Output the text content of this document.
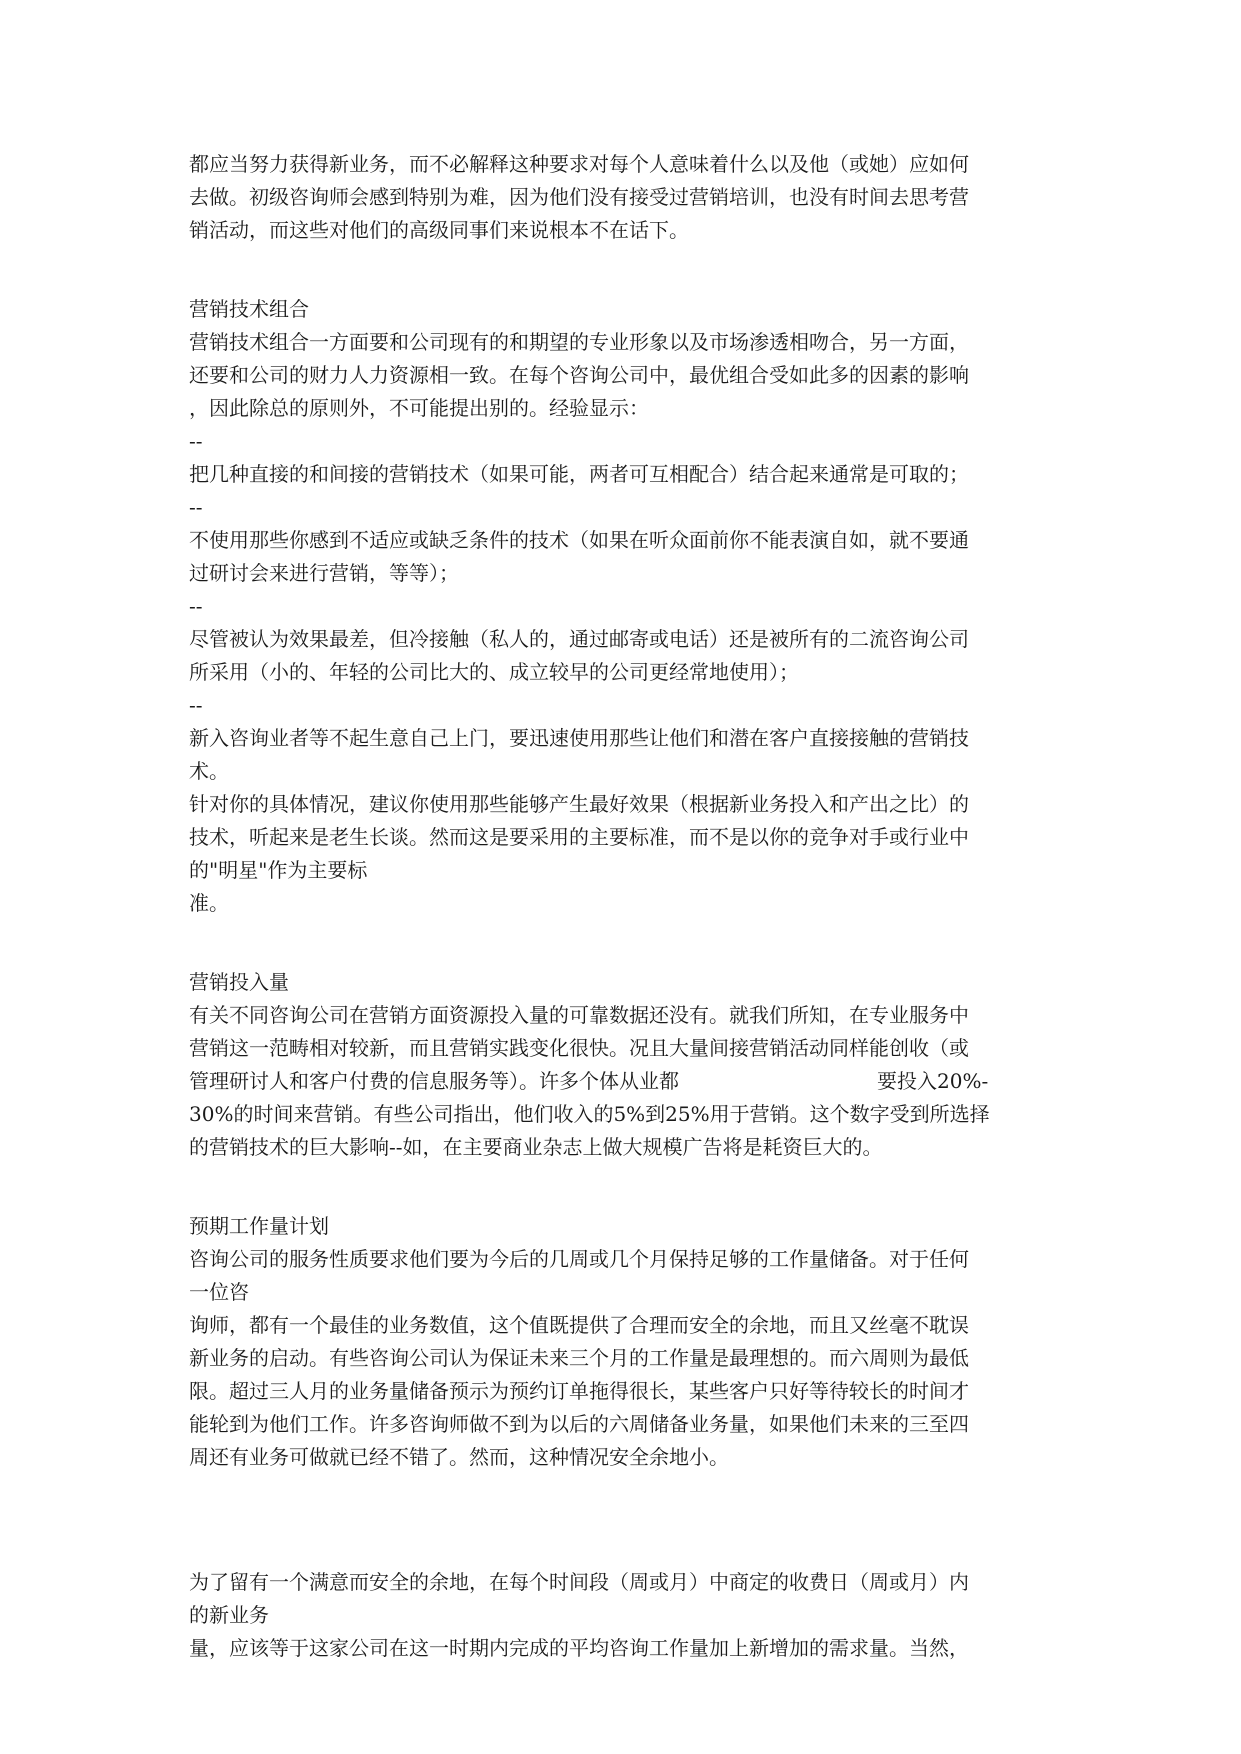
都应当努力获得新业务，而不必解释这种要求对每个人意味着什么以及他（或她）应如何
去做。初级咨询师会感到特别为难，因为他们没有接受过营销培训，也没有时间去思考营
销活动，而这些对他们的高级同事们来说根本不在话下。
营销技术组合
营销技术组合一方面要和公司现有的和期望的专业形象以及市场渗透相吻合，另一方面，
还要和公司的财力人力资源相一致。在每个咨询公司中，最优组合受如此多的因素的影响
，因此除总的原则外，不可能提出别的。经验显示：
--
把几种直接的和间接的营销技术（如果可能，两者可互相配合）结合起来通常是可取的；
--
不使用那些你感到不适应或缺乏条件的技术（如果在听众面前你不能表演自如，就不要通
过研讨会来进行营销，等等）；
--
尽管被认为效果最差，但冷接触（私人的，通过邮寄或电话）还是被所有的二流咨询公司
所采用（小的、年轻的公司比大的、成立较早的公司更经常地使用）；
--
新入咨询业者等不起生意自己上门，要迅速使用那些让他们和潜在客户直接接触的营销技
术。
针对你的具体情况，建议你使用那些能够产生最好效果（根据新业务投入和产出之比）的
技术，听起来是老生长谈。然而这是要采用的主要标准，而不是以你的竞争对手或行业中
的"明星"作为主要标
准。
营销投入量
有关不同咨询公司在营销方面资源投入量的可靠数据还没有。就我们所知，在专业服务中
营销这一范畴相对较新，而且营销实践变化很快。况且大量间接营销活动同样能创收（或
管理研讨人和客户付费的信息服务等）。许多个体从业都	要投入20%-
30%的时间来营销。有些公司指出，他们收入的5%到25%用于营销。这个数字受到所选择
的营销技术的巨大影响--如，在主要商业杂志上做大规模广告将是耗资巨大的。
预期工作量计划
咨询公司的服务性质要求他们要为今后的几周或几个月保持足够的工作量储备。对于任何
一位咨
询师，都有一个最佳的业务数值，这个值既提供了合理而安全的余地，而且又丝毫不耽误
新业务的启动。有些咨询公司认为保证未来三个月的工作量是最理想的。而六周则为最低
限。超过三人月的业务量储备预示为预约订单拖得很长，某些客户只好等待较长的时间才
能轮到为他们工作。许多咨询师做不到为以后的六周储备业务量，如果他们未来的三至四
周还有业务可做就已经不错了。然而，这种情况安全余地小。
为了留有一个满意而安全的余地，在每个时间段（周或月）中商定的收费日（周或月）内
的新业务
量，应该等于这家公司在这一时期内完成的平均咨询工作量加上新增加的需求量。当然，
